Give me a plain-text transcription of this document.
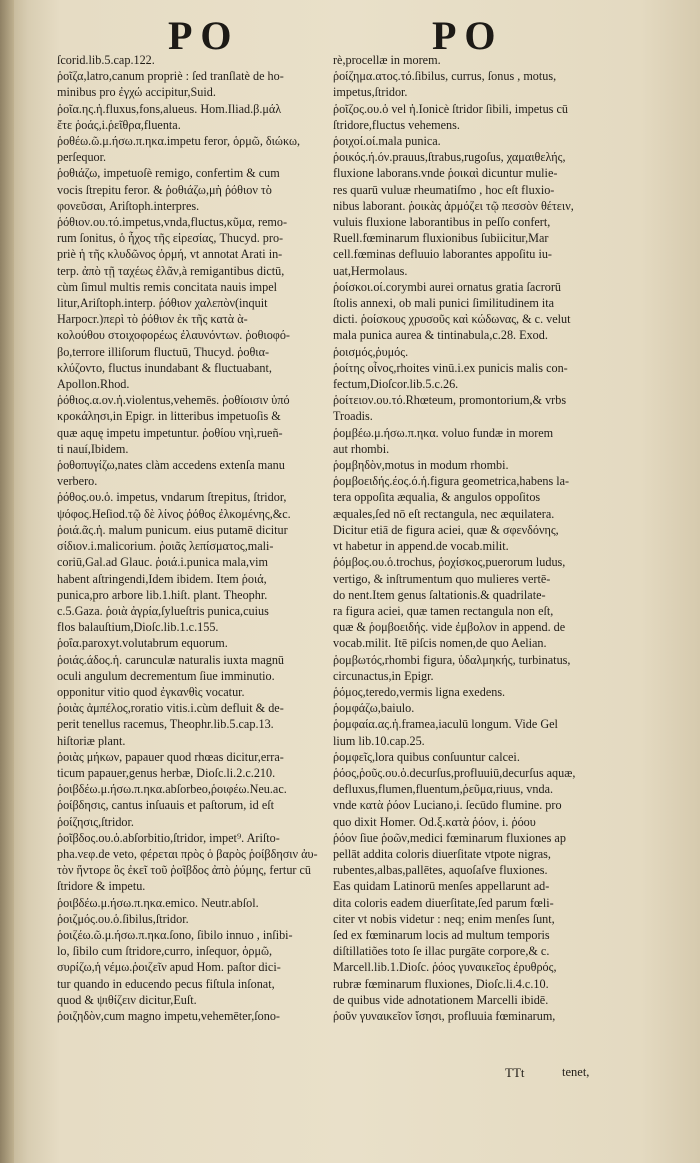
PO	PO
ſcorid.lib.5.cap.122.
ῥοῖζα,latro,canum propriè : ſed tranſlatè de ho-
minibus pro ἐγχώ accipitur,Suid.
ῥοῖα.ης.ἡ.fluxus,fons,alueus. Hom.Iliad.β.μάλ
ἔτε ῥοάς,i.ῥεῖθρα,fluenta.
ῥοθέω.ῶ.μ.ήσω.π.ηκα.impetu feror, ὁρμῶ, διώκω,
perſequor.
ῥοθιάζω, impetuoſè remigo, confertim & cum
vocis ſtrepitu feror. & ῥοθιάζω,μὴ ῥόθιον τὸ
φονεῦσαι, Ariſtoph.interpres.
ῥόθιον.ου.τό.impetus,vnda,fluctus,κῦμα, remo-
rum ſonitus, ὁ ἦχος τῆς εἰρεσίας, Thucyd. pro-
priè ἡ τῆς κλυδῶνος ὁρμή, vt annotat Arati in-
terp. ἀπὸ τῇ ταχέως ἐλᾶν,à remigantibus dictū,
cùm ſimul multis remis concitata nauis impel
litur,Ariſtoph.interp. ῥόθιον χαλεπὸν(inquit
Harpocr.)περὶ τὸ ῥόθιον ἐκ τῆς κατὰ ὰ-
κολούθου στοιχοφορέως ἐλαυνόντων. ῥοθιοφό-
βο,terrore illiſorum fluctuū, Thucyd. ῥοθια-
κλύζοντο, fluctus inundabant & fluctuabant,
Apollon.Rhod.
ῥόθιος.α.ον.ἡ.violentus,vehemēs. ῥοθίοισιν ὑπό
κροκάλησι,in Epigr. in litteribus impetuoſis &
quæ aquę impetu impetuntur. ῥοθίου νηὶ,rueñ-
ti nauí,Ibidem.
ῥοθοπυγίζω,nates clàm accedens extenſa manu
verbero.
ῥόθος.ου.ὁ. impetus, vndarum ſtrepitus, ſtridor,
ψόφος.Heſiod.τῷ δὲ λίνος ῥόθος ἐλκομένης,&c.
ῥοιά.ᾶς.ἡ. malum punicum. eius putamē dicitur
σίδιον.i.malicorium. ῥοιᾶς λεπίσματος,mali-
coriū,Gal.ad Glauc. ῥοιά.i.punica mala,vim
habent aſtringendi,Idem ibidem. Item ῥοιά,
punica,pro arbore lib.1.hiſt. plant. Theophr.
c.5.Gaza. ῥοιὰ ἀγρία,ſylueſtris punica,cuius
flos balauſtium,Dioſc.lib.1.c.155.
ῥοΐα.paroxyt.volutabrum equorum.
ῥοιάς.άδος.ἡ. carunculæ naturalis iuxta magnū
oculi angulum decrementum ſiue imminutio.
opponitur vitio quod ἐγκανθὶς vocatur.
ῥοιὰς ἀμπέλος,roratio vitis.i.cùm defluit & de-
perit tenellus racemus, Theophr.lib.5.cap.13.
hiſtoriæ plant.
ῥοιὰς μήκων, papauer quod rhœas dicitur,erra-
ticum papauer,genus herbæ, Dioſc.li.2.c.210.
ῥοιβδέω.μ.ήσω.π.ηκα.abſorbeo,ῥοιφέω.Neu.ac.
ῥοίβδησις, cantus inſuauis et paſtorum, id eſt
ῥοίζησις,ſtridor.
ῥοῖβδος.ου.ὁ.abſorbitio,ſtridor, impet⁹. Ariſto-
pha.νεφ.de veto, φέρεται πρὸς ὁ βαρὸς ῥοίβδησιν ἀυ-
τὸν ἥντορε ὃς ἐκεῖ τοῦ ῥοῖβδος ἀπὸ ῥύμης, fertur cū
ſtridore & impetu.
ῥοιβδέω.μ.ήσω.π.ηκα.emico. Neutr.abſol.
ῥοιζμός.ου.ὁ.ſibilus,ſtridor.
ῥοιζέω.ῶ.μ.ήσω.π.ηκα.ſono, ſibilo innuo , inſibi-
lo, ſibilo cum ſtridore,curro, inſequor, ὁρμῶ,
συρίζω,ἡ νέμω.ῥοιζεῖν apud Hom. paſtor dici-
tur quando in educendo pecus fiſtula inſonat,
quod & ψιθίζειν dicitur,Euſt.
ῥοιζηδὸν,cum magno impetu,vehemēter,ſono-
rè,procellæ in morem.
ῥοίζημα.ατος.τό.ſibilus, currus, ſonus , motus,
impetus,ſtridor.
ῥοῖζος.ου.ὁ vel ἡ.Ionicè ſtridor ſibili, impetus cū
ſtridore,fluctus vehemens.
ῥοιχοί.οί.mala punica.
ῥοικός.ή.όν.prauus,ſtrabus,rugoſus, χαμαιθελής,
fluxione laborans.vnde ῥοικαὶ dicuntur mulie-
res quarū vuluæ rheumatiſmo , hoc eſt fluxio-
nibus laborant. ῥοικὰς ἁρμόζει τῷ πεσσὸν θέτειν,
vuluis fluxione laborantibus in peſſo confert,
Ruell.fœminarum fluxionibus ſubiicitur,Mar
cell.fœminas defluuio laborantes appoſitu iu-
uat,Hermolaus.
ῥοίσκοι.οί.corymbi aurei ornatus gratia ſacrorū
ſtolis annexi, ob mali punici ſimilitudinem ita
dicti. ῥοίσκους χρυσοῦς καὶ κώδωνας, & c. velut
mala punica aurea & tintinabula,c.28. Exod.
ῥοισμός,ῥυμός.
ῥοίτης οἶνος,rhoites vinū.i.ex punicis malis con-
fectum,Dioſcor.lib.5.c.26.
ῥοίτειον.ου.τό.Rhœteum, promontorium,& vrbs
Troadis.
ῥομβέω.μ.ήσω.π.ηκα. voluo fundæ in morem
aut rhombi.
ῥομβηδὸν,motus in modum rhombi.
ῥομβοειδής.έος.ό.ἡ.figura geometrica,habens la-
tera oppoſita æqualia, & angulos oppoſitos
æquales,ſed nō eſt rectangula, nec æquilatera.
Dicitur etiā de figura aciei, quæ & σφενδόνης,
vt habetur in append.de vocab.milit.
ῥόμβος.ου.ὁ.trochus, ῥοχίσκος,puerorum ludus,
vertigo, & inſtrumentum quo mulieres vertē-
do nent.Item genus ſaltationis.& quadrilate-
ra figura aciei, quæ tamen rectangula non eſt,
quæ & ῥομβοειδής. vide ἐμβολον in append. de
vocab.milit. Itē piſcis nomen,de quo Aelian.
ῥομβωτός,rhombi figura, ὑδαλμηκής, turbinatus,
circunactus,in Epigr.
ῥόμος,teredo,vermis ligna exedens.
ῥομφάζω,baiulo.
ῥομφαία.ας.ἡ.framea,iaculū longum. Vide Gel
lium lib.10.cap.25.
ῥομφεῖς,lora quibus conſuuntur calcei.
ῥόος,ῥοῦς.ου.ὁ.decurſus,profluuiū,decurſus aquæ,
defluxus,flumen,fluentum,ῥεῦμα,riuus, vnda.
vnde κατὰ ῥόον Luciano,i. ſecūdo flumine. pro
quo dixit Homer. Od.ξ.κατὰ ῥόον, i. ῥόου
ῥόον ſiue ῥοῶν,medici fœminarum fluxiones ap
pellāt addita coloris diuerſitate vtpote nigras,
rubentes,albas,pallētes, aquoſaſve fluxiones.
Eas quidam Latinorū menſes appellarunt ad-
dita coloris eadem diuerſitate,ſed parum fœli-
citer vt nobis videtur : neq; enim menſes ſunt,
ſed ex fœminarum locis ad multum temporis
diſtillatiões toto ſe illac purgāte corpore,& c.
Marcell.lib.1.Dioſc. ῥόος γυναικεῖος ἐρυθρός,
rubræ fœminarum fluxiones, Dioſc.li.4.c.10.
de quibus vide adnotationem Marcelli ibidē.
ῥοῦν γυναικεῖον ἴσησι, profluuia fœminarum,
TTt	tenet,
